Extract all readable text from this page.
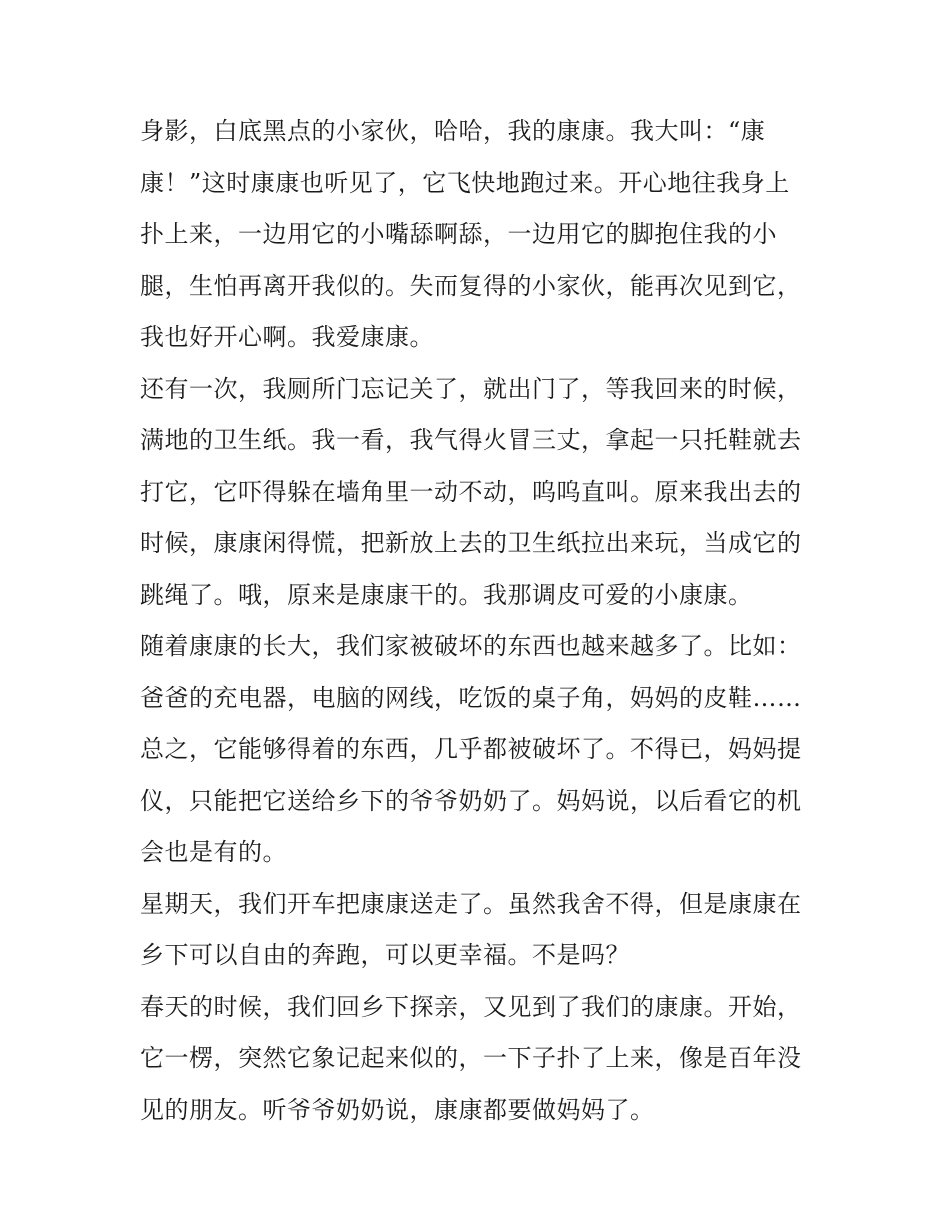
身影，白底黑点的小家伙，哈哈，我的康康。我大叫：“康
康！”这时康康也听见了，它飞快地跑过来。开心地往我身上
扑上来，一边用它的小嘴舔啊舔，一边用它的脚抱住我的小
腿，生怕再离开我似的。失而复得的小家伙，能再次见到它，
我也好开心啊。我爱康康。
还有一次，我厕所门忘记关了，就出门了，等我回来的时候，
满地的卫生纸。我一看，我气得火冒三丈，拿起一只托鞋就去
打它，它吓得躲在墙角里一动不动，呜呜直叫。原来我出去的
时候，康康闲得慌，把新放上去的卫生纸拉出来玩，当成它的
跳绳了。哦，原来是康康干的。我那调皮可爱的小康康。
随着康康的长大，我们家被破坏的东西也越来越多了。比如：
爸爸的充电器，电脑的网线，吃饭的桌子角，妈妈的皮鞋……
总之，它能够得着的东西，几乎都被破坏了。不得已，妈妈提
仪，只能把它送给乡下的爷爷奶奶了。妈妈说，以后看它的机
会也是有的。
星期天，我们开车把康康送走了。虽然我舍不得，但是康康在
乡下可以自由的奔跑，可以更幸福。不是吗？
春天的时候，我们回乡下探亲，又见到了我们的康康。开始，
它一楞，突然它象记起来似的，一下子扑了上来，像是百年没
见的朋友。听爷爷奶奶说，康康都要做妈妈了。
